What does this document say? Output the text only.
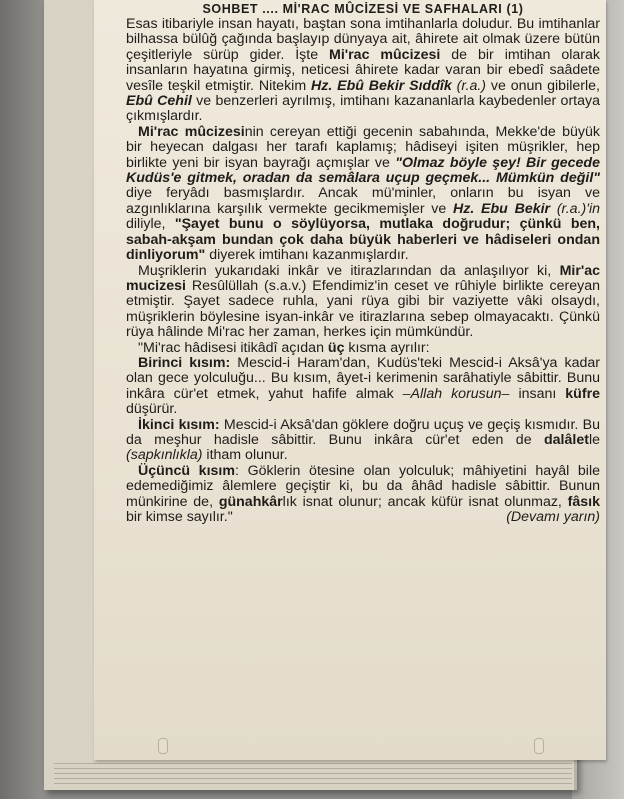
SOHBET .... Mİ'RAC MÛCİZESİ VE SAFHALARI (1)

Esas itibariyle insan hayatı, baştan sona imtihanlarla doludur. Bu imtihanlar bilhassa bülûğ çağında başlayıp dünyaya ait, âhirete ait olmak üzere bütün çeşitleriyle sürüp gider. İşte Mi'rac mûcizesi de bir imtihan olarak insanların hayatına girmiş, neticesi âhirete kadar varan bir ebedî saâdete vesîle teşkil etmiştir. Nitekim Hz. Ebû Bekir Sıddîk (r.a.) ve onun gibilerle, Ebû Cehil ve benzerleri ayrılmış, imtihanı kazananlarla kaybedenler ortaya çıkmışlardır.

Mi'rac mûcizesinin cereyan ettiği gecenin sabahında, Mekke'de büyük bir heyecan dalgası her tarafı kaplamış; hâdiseyi işiten müşrikler, hep birlikte yeni bir isyan bayrağı açmışlar ve "Olmaz böyle şey! Bir gecede Kudüs'e gitmek, oradan da semâlara uçup geçmek... Mümkün değil" diye feryâdı basmışlardır. Ancak mü'minler, onların bu isyan ve azgınlıklarına karşılık vermekte gecikmemişler ve Hz. Ebu Bekir (r.a.)'in diliyle, "Şayet bunu o söylüyorsa, mutlaka doğrudur; çünkü ben, sabah-akşam bundan çok daha büyük haberleri ve hâdiseleri ondan dinliyorum" diyerek imtihanı kazanmışlardır.

Muşriklerin yukarıdaki inkâr ve itirazlarından da anlaşılıyor ki, Mir'ac mucizesi Resûlüllah (s.a.v.) Efendimiz'in ceset ve rûhiyle birlikte cereyan etmiştir. Şayet sadece ruhla, yani rüya gibi bir vaziyette vâki olsaydı, müşriklerin böylesine isyan-inkâr ve itirazlarına sebep olmayacaktı. Çünkü rüya hâlinde Mi'rac her zaman, herkes için mümkündür.

"Mi'rac hâdisesi itikâdî açıdan üç kısma ayrılır:

Birinci kısım: Mescid-i Haram'dan, Kudüs'teki Mescid-i Aksâ'ya kadar olan gece yolculuğu... Bu kısım, âyet-i kerimenin sarâhatiyle sâbittir. Bunu inkâra cür'et etmek, yahut hafife almak –Allah korusun– insanı küfre düşürür.

İkinci kısım: Mescid-i Aksâ'dan göklere doğru uçuş ve geçiş kısmıdır. Bu da meşhur hadisle sâbittir. Bunu inkâra cür'et eden de dalâletle (sapkınlıkla) itham olunur.

Üçüncü kısım: Göklerin ötesine olan yolculuk; mâhiyetini hayâl bile edemediğimiz âlemlere geçiştir ki, bu da âhâd hadisle sâbittir. Bunun münkirine de, günahkârlık isnat olunur; ancak küfür isnat olunmaz, fâsık bir kimse sayılır."	(Devamı yarın)
